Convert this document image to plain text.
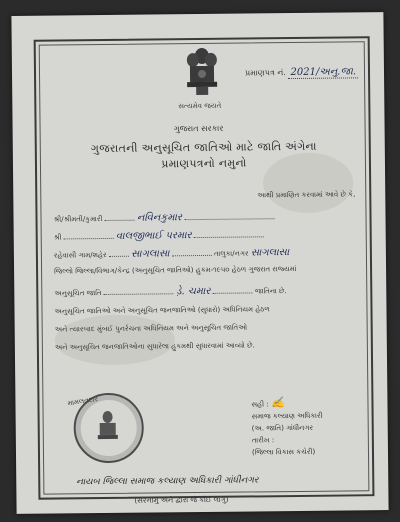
સત્યમેવ જયતે
પ્રમાણપત્ર નં. 2021/અનુ.જા.
ગુજરાત સરકાર
ગુજરાતની અનુસૂચિત જાતિઓ માટે જાતિ અંગેના
પ્રમાણપત્રનો નમુનો
આથી પ્રમાણિત કરવામાં આવે છે કે,
શ્રી/શ્રીમતી/કુમારી	નવિનકુમાર
શ્રી	વાલજીભાઈ પરમાર
રહેવાસી ગામ/શહેર સાગલાસા	તાલુકા/નગર સાગલાસા
જિલ્લો જિલ્લા/વિભાગ/કેન્દ્ર (અનુસૂચિત જાતિઓ) હુકમ-૧૯૫૦ હેઠળ ગુજરાત રાજ્યમાં
અનુસૂચિત જાતિ	ડ઼ે. ચમાર	જાતિના છે.
અનુસૂચિત જાતિઓ અને અનુસૂચિત જનજાતિઓ (સુધારો) અધિનિયમ હેઠળ
અને ત્યારબાદ મુંબઈ પુનર્રચના અધિનિયમ અને અનુસૂચિત જાતિઓ
અને અનુસૂચિત જનજાતિઓના સુધારેલા હુકમથી સુધારવામાં આવ્યો છે.
મામલતદાર	સહી : ✍
સમાજ કલ્યાણ અધિકારી
(અ. જાતિ) ગાંધીનગર
તારીખ :
(જિલ્લા વિકાસ કચેરી)
નાયબ જિલ્લા સમાજ કલ્યાણ અધિકારી ગાંધીનગર
(સરનામું અને દ્વારા જે કોઈ લાગુ)
